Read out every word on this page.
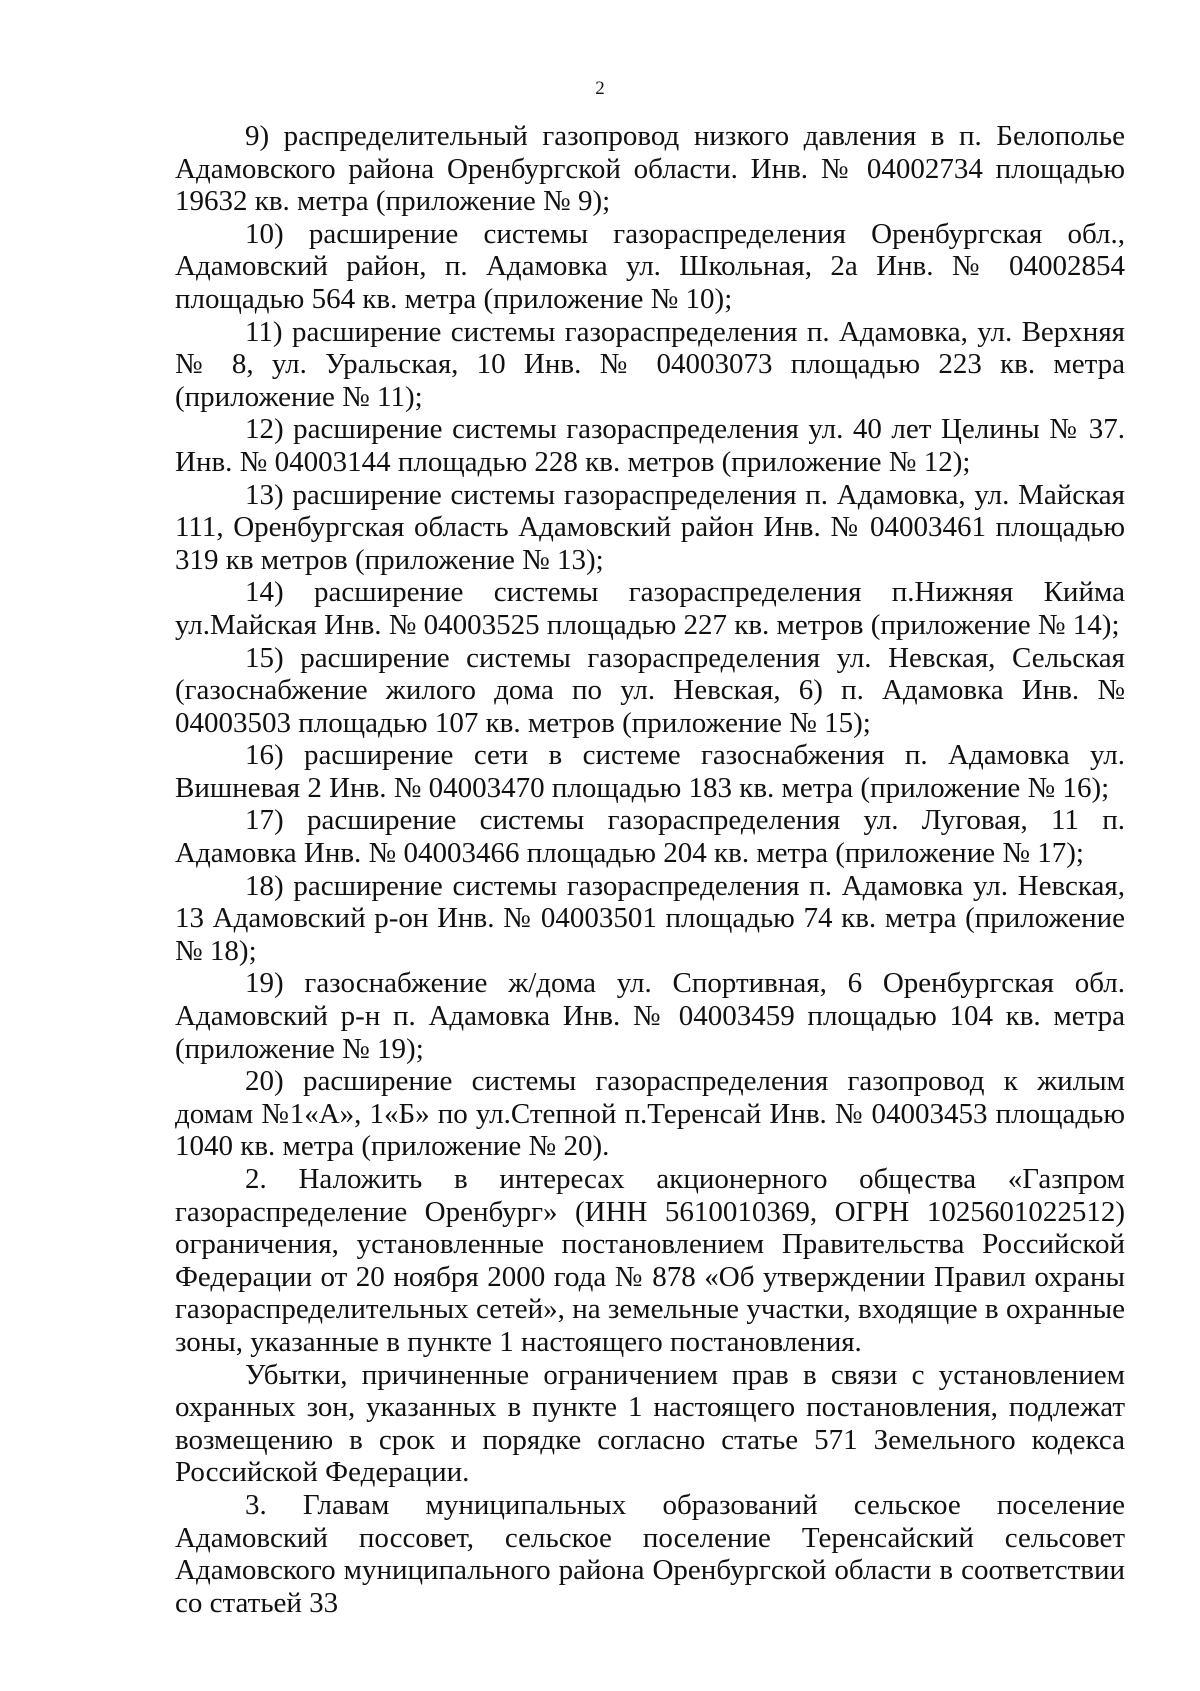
2

9) распределительный газопровод низкого давления в п. Белополье Адамовского района Оренбургской области. Инв. № 04002734 площадью 19632 кв. метра (приложение № 9);

10) расширение системы газораспределения Оренбургская обл., Адамовский район, п. Адамовка ул. Школьная, 2а Инв. № 04002854 площадью 564 кв. метра (приложение № 10);

11) расширение системы газораспределения п. Адамовка, ул. Верхняя № 8, ул. Уральская, 10 Инв. № 04003073 площадью 223 кв. метра (приложение № 11);

12) расширение системы газораспределения ул. 40 лет Целины № 37. Инв. № 04003144 площадью 228 кв. метров (приложение № 12);

13) расширение системы газораспределения п. Адамовка, ул. Майская 111, Оренбургская область Адамовский район Инв. № 04003461 площадью 319 кв метров (приложение № 13);

14) расширение системы газораспределения п.Нижняя Кийма ул.Майская Инв. № 04003525 площадью 227 кв. метров (приложение № 14);

15) расширение системы газораспределения ул. Невская, Сельская (газоснабжение жилого дома по ул. Невская, 6) п. Адамовка Инв. № 04003503 площадью 107 кв. метров (приложение № 15);

16) расширение сети в системе газоснабжения п. Адамовка ул. Вишневая 2 Инв. № 04003470 площадью 183 кв. метра (приложение № 16);

17) расширение системы газораспределения ул. Луговая, 11 п. Адамовка Инв. № 04003466 площадью 204 кв. метра (приложение № 17);

18) расширение системы газораспределения п. Адамовка ул. Невская, 13 Адамовский р-он Инв. № 04003501 площадью 74 кв. метра (приложение № 18);

19) газоснабжение ж/дома ул. Спортивная, 6 Оренбургская обл. Адамовский р-н п. Адамовка Инв. № 04003459 площадью 104 кв. метра (приложение № 19);

20) расширение системы газораспределения газопровод к жилым домам №1«А», 1«Б» по ул.Степной п.Теренсай Инв. № 04003453 площадью 1040 кв. метра (приложение № 20).

2. Наложить в интересах акционерного общества «Газпром газораспределение Оренбург» (ИНН 5610010369, ОГРН 1025601022512) ограничения, установленные постановлением Правительства Российской Федерации от 20 ноября 2000 года № 878 «Об утверждении Правил охраны газораспределительных сетей», на земельные участки, входящие в охранные зоны, указанные в пункте 1 настоящего постановления.

Убытки, причиненные ограничением прав в связи с установлением охранных зон, указанных в пункте 1 настоящего постановления, подлежат возмещению в срок и порядке согласно статье 571 Земельного кодекса Российской Федерации.

3. Главам муниципальных образований сельское поселение Адамовский поссовет, сельское поселение Теренсайский сельсовет Адамовского муниципального района Оренбургской области в соответствии со статьей 33
